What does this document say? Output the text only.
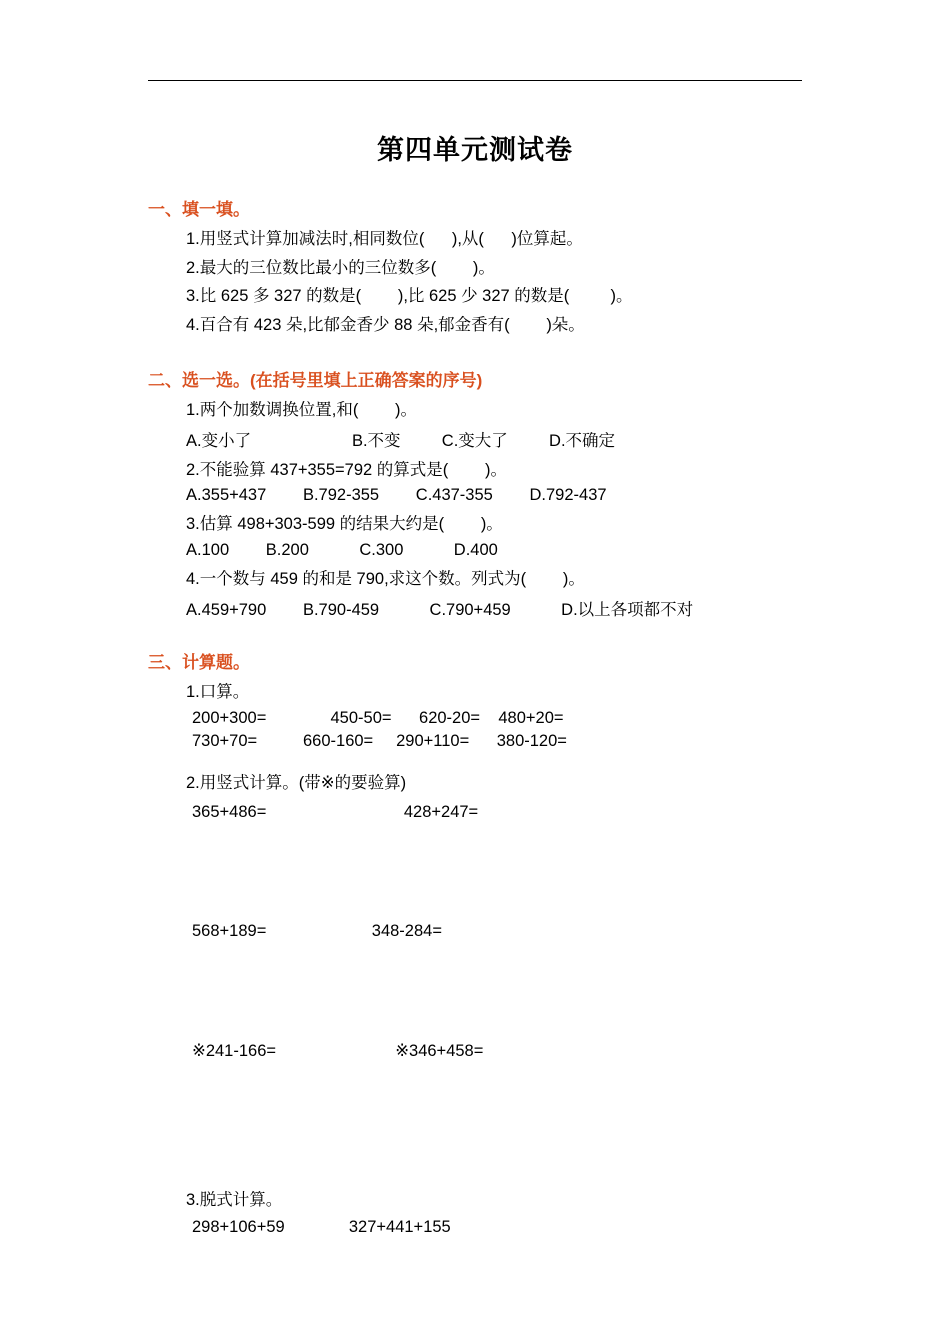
第四单元测试卷
一、填一填。
1.用竖式计算加减法时,相同数位(      ),从(      )位算起。
2.最大的三位数比最小的三位数多(        )。
3.比 625 多 327 的数是(        ),比 625 少 327 的数是(         )。
4.百合有 423 朵,比郁金香少 88 朵,郁金香有(        )朵。
二、选一选。(在括号里填上正确答案的序号)
1.两个加数调换位置,和(        )。
A.变小了                      B.不变         C.变大了         D.不确定
2.不能验算 437+355=792 的算式是(        )。
A.355+437        B.792-355        C.437-355        D.792-437
3.估算 498+303-599 的结果大约是(        )。
A.100        B.200           C.300           D.400
4.一个数与 459 的和是 790,求这个数。列式为(        )。
A.459+790        B.790-459           C.790+459           D.以上各项都不对
三、计算题。
1.口算。
200+300=              450-50=      620-20=    480+20=
730+70=          660-160=     290+110=      380-120=
2.用竖式计算。(带※的要验算)
365+486=                              428+247=
568+189=                       348-284=
※241-166=                          ※346+458=
3.脱式计算。
298+106+59              327+441+155
